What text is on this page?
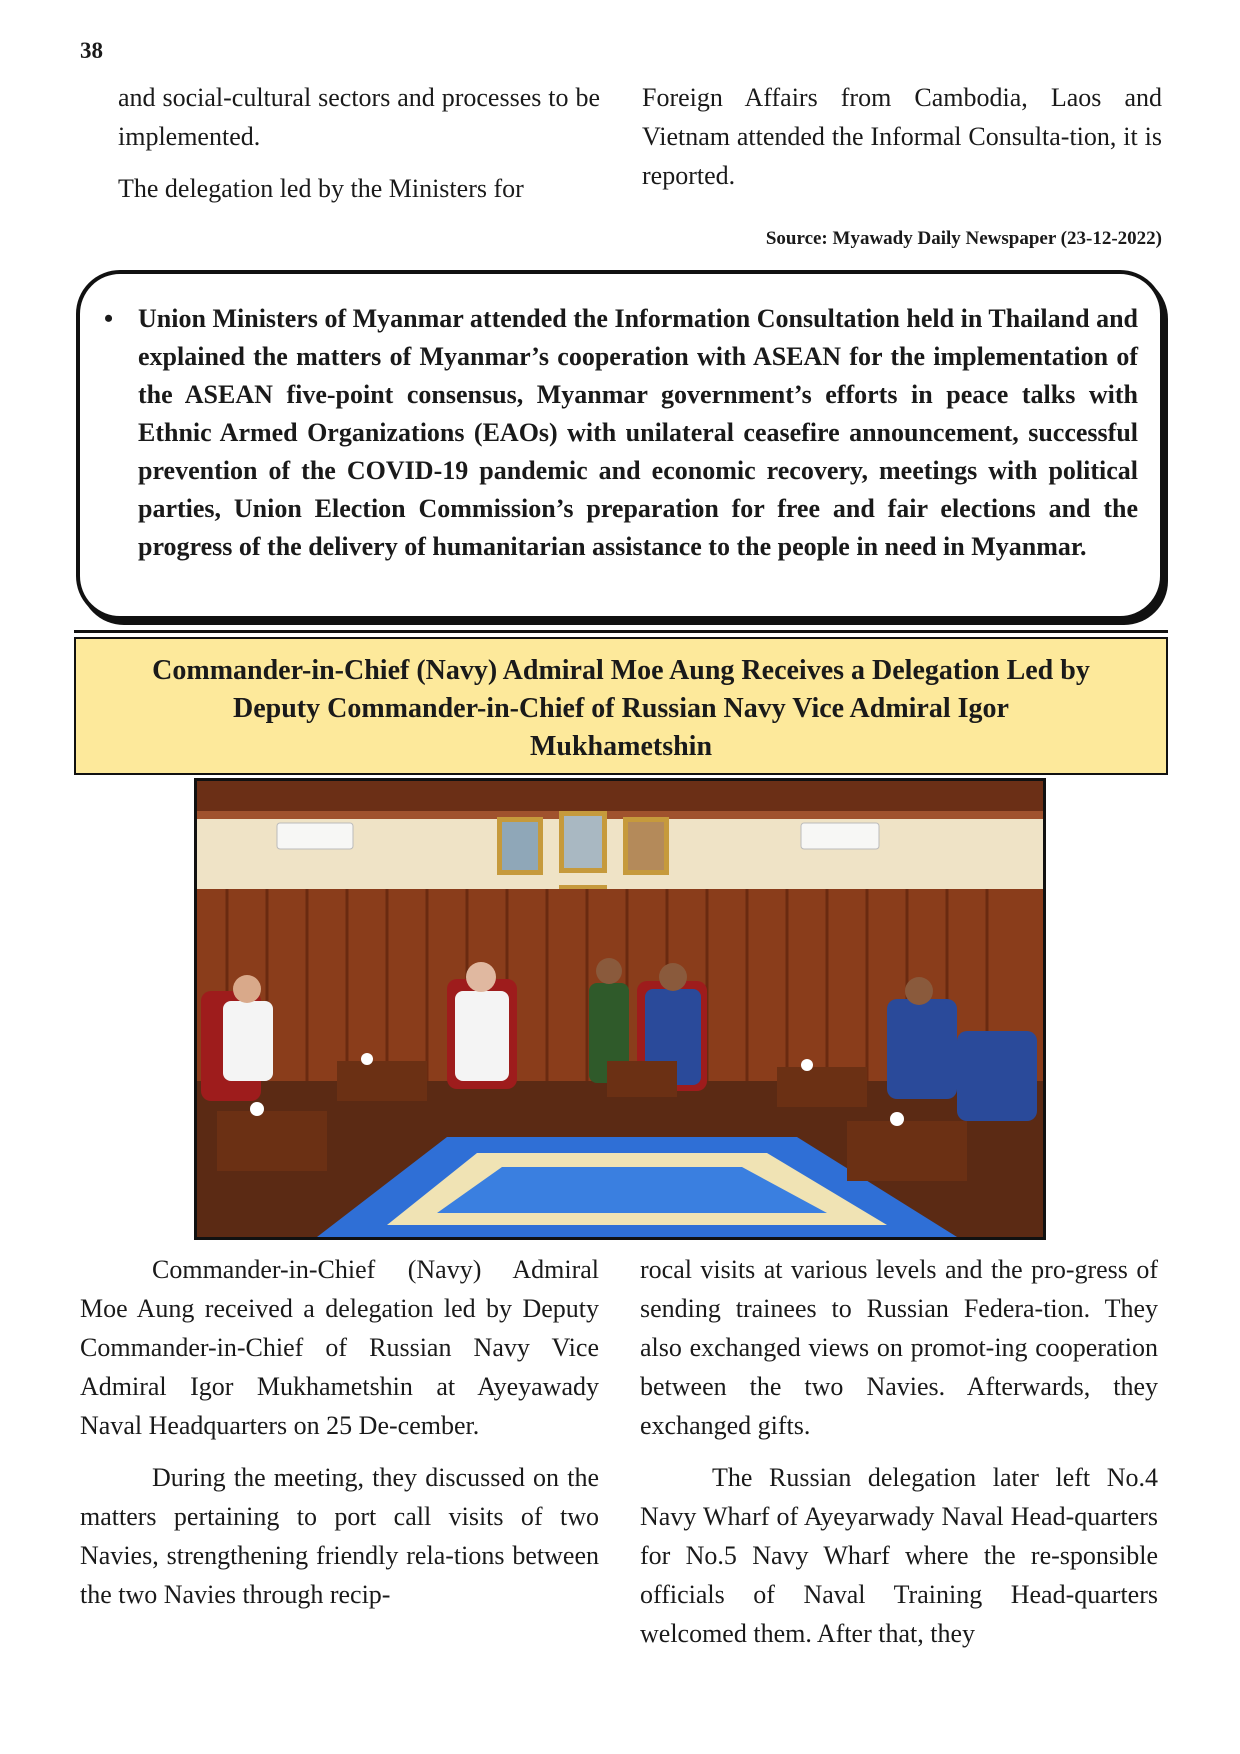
38

and social-cultural sectors and processes to be implemented.

The delegation led by the Ministers for

Foreign Affairs from Cambodia, Laos and Vietnam attended the Informal Consulta-tion, it is reported.

Source: Myawady Daily Newspaper (23-12-2022)
• Union Ministers of Myanmar attended the Information Consultation held in Thailand and explained the matters of Myanmar’s cooperation with ASEAN for the implementation of the ASEAN five-point consensus, Myanmar government’s efforts in peace talks with Ethnic Armed Organizations (EAOs) with unilateral ceasefire announcement, successful prevention of the COVID-19 pandemic and economic recovery, meetings with political parties, Union Election Commission’s preparation for free and fair elections and the progress of the delivery of humanitarian assistance to the people in need in Myanmar.
Commander-in-Chief (Navy) Admiral Moe Aung Receives a Delegation Led by
Deputy Commander-in-Chief of Russian Navy Vice Admiral Igor
Mukhametshin

Commander-in-Chief (Navy) Admiral Moe Aung received a delegation led by Deputy Commander-in-Chief of Russian Navy Vice Admiral Igor Mukhametshin at Ayeyawady Naval Headquarters on 25 De-cember.

During the meeting, they discussed on the matters pertaining to port call visits of two Navies, strengthening friendly rela-tions between the two Navies through recip-

rocal visits at various levels and the pro-gress of sending trainees to Russian Federa-tion. They also exchanged views on promot-ing cooperation between the two Navies. Afterwards, they exchanged gifts.

The Russian delegation later left No.4 Navy Wharf of Ayeyarwady Naval Head-quarters for No.5 Navy Wharf where the re-sponsible officials of Naval Training Head-quarters welcomed them. After that, they
